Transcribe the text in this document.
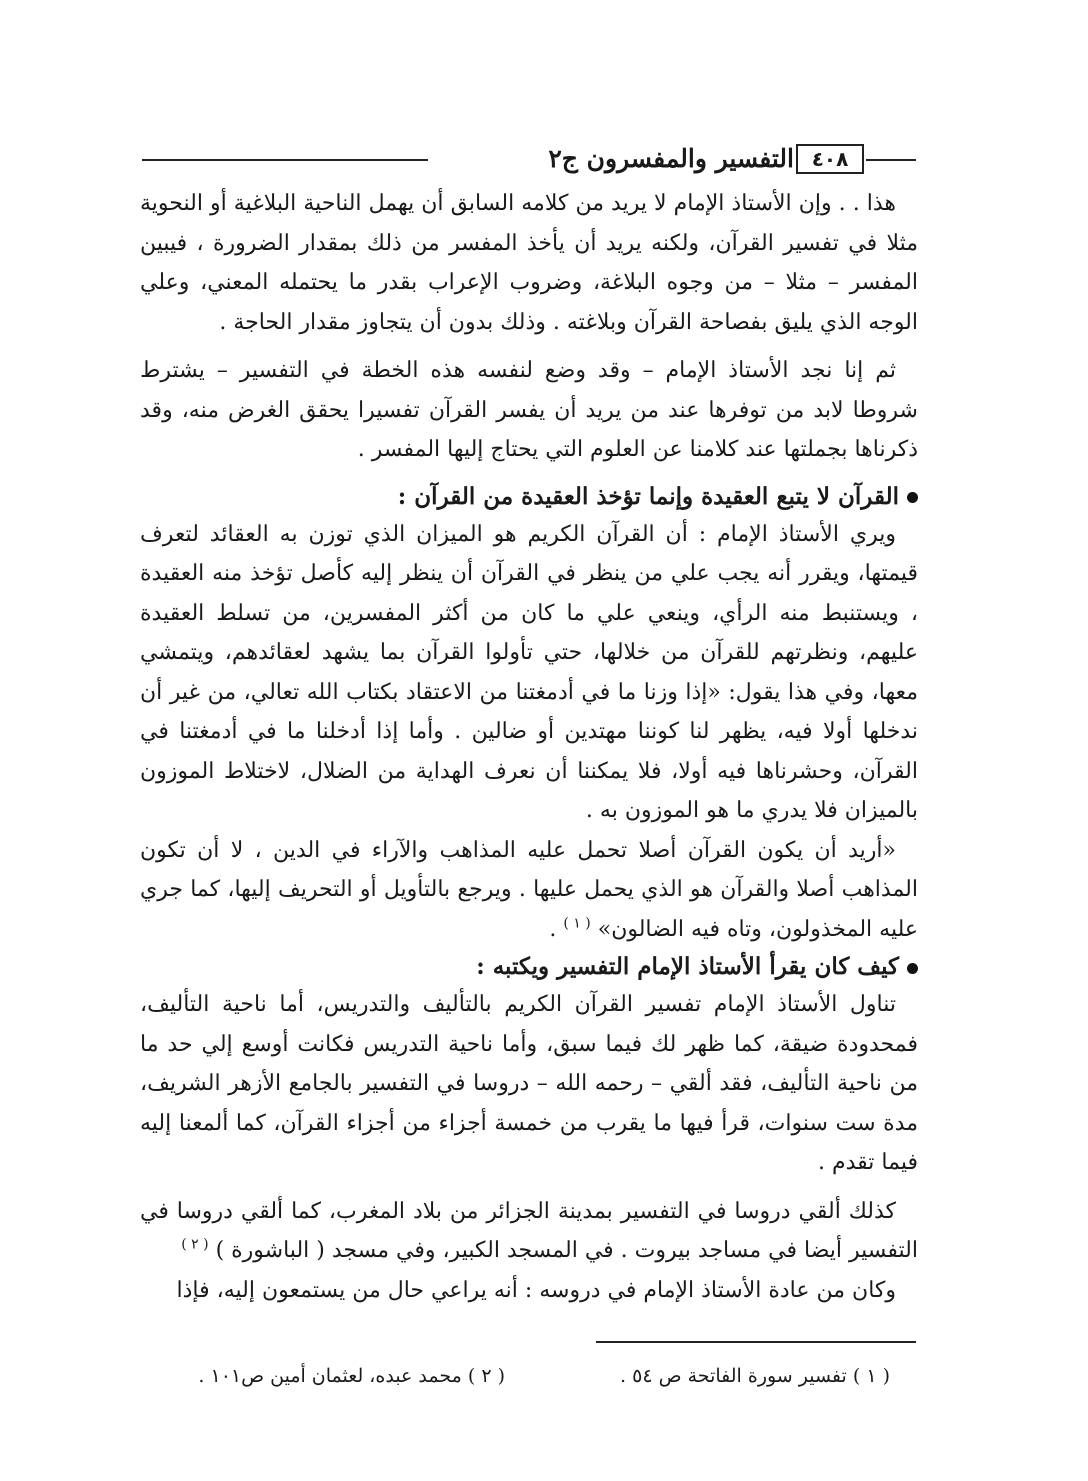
٤٠٨
التفسير والمفسرون ج٢

هذا . . وإن الأستاذ الإمام لا يريد من كلامه السابق أن يهمل الناحية البلاغية أو النحوية مثلا في تفسير القرآن، ولكنه يريد أن يأخذ المفسر من ذلك بمقدار الضرورة ، فيبين المفسر – مثلا – من وجوه البلاغة، وضروب الإعراب بقدر ما يحتمله المعني، وعلي الوجه الذي يليق بفصاحة القرآن وبلاغته . وذلك بدون أن يتجاوز مقدار الحاجة .

ثم إنا نجد الأستاذ الإمام – وقد وضع لنفسه هذه الخطة في التفسير – يشترط شروطا لابد من توفرها عند من يريد أن يفسر القرآن تفسيرا يحقق الغرض منه، وقد ذكرناها بجملتها عند كلامنا عن العلوم التي يحتاج إليها المفسر .

القرآن لا يتبع العقيدة وإنما تؤخذ العقيدة من القرآن :

ويري الأستاذ الإمام : أن القرآن الكريم هو الميزان الذي توزن به العقائد لتعرف قيمتها، ويقرر أنه يجب علي من ينظر في القرآن أن ينظر إليه كأصل تؤخذ منه العقيدة ، ويستنبط منه الرأي، وينعي علي ما كان من أكثر المفسرين، من تسلط العقيدة عليهم، ونظرتهم للقرآن من خلالها، حتي تأولوا القرآن بما يشهد لعقائدهم، ويتمشي معها، وفي هذا يقول: «إذا وزنا ما في أدمغتنا من الاعتقاد بكتاب الله تعالي، من غير أن ندخلها أولا فيه، يظهر لنا كوننا مهتدين أو ضالين . وأما إذا أدخلنا ما في أدمغتنا في القرآن، وحشرناها فيه أولا، فلا يمكننا أن نعرف الهداية من الضلال، لاختلاط الموزون بالميزان فلا يدري ما هو الموزون به .

«أريد أن يكون القرآن أصلا تحمل عليه المذاهب والآراء في الدين ، لا أن تكون المذاهب أصلا والقرآن هو الذي يحمل عليها . ويرجع بالتأويل أو التحريف إليها، كما جري عليه المخذولون، وتاه فيه الضالون» $^{( ١ )}$ .

كيف كان يقرأ الأستاذ الإمام التفسير ويكتبه :

تناول الأستاذ الإمام تفسير القرآن الكريم بالتأليف والتدريس، أما ناحية التأليف، فمحدودة ضيقة، كما ظهر لك فيما سبق، وأما ناحية التدريس فكانت أوسع إلي حد ما من ناحية التأليف، فقد ألقي – رحمه الله – دروسا في التفسير بالجامع الأزهر الشريف، مدة ست سنوات، قرأ فيها ما يقرب من خمسة أجزاء من أجزاء القرآن، كما ألمعنا إليه فيما تقدم .

كذلك ألقي دروسا في التفسير بمدينة الجزائر من بلاد المغرب، كما ألقي دروسا في التفسير أيضا في مساجد بيروت . في المسجد الكبير، وفي مسجد ( الباشورة ) $^{( ٢ )}$

وكان من عادة الأستاذ الإمام في دروسه : أنه يراعي حال من يستمعون إليه، فإذا

( ١ ) تفسير سورة الفاتحة ص ٥٤ .
( ٢ ) محمد عبده، لعثمان أمين ص١٠١ .
